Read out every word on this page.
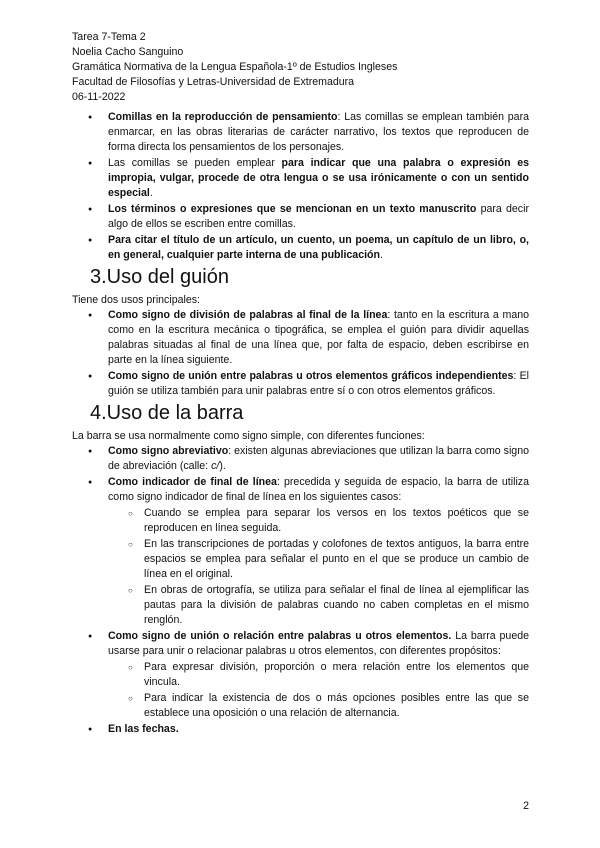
Tarea 7-Tema 2

Noelia Cacho Sanguino

Gramática Normativa de la Lengua Española-1º de Estudios Ingleses

Facultad de Filosofías y Letras-Universidad de Extremadura

06-11-2022

● Comillas en la reproducción de pensamiento: Las comillas se emplean también para enmarcar, en las obras literarias de carácter narrativo, los textos que reproducen de forma directa los pensamientos de los personajes.
● Las comillas se pueden emplear para indicar que una palabra o expresión es impropia, vulgar, procede de otra lengua o se usa irónicamente o con un sentido especial.
● Los términos o expresiones que se mencionan en un texto manuscrito para decir algo de ellos se escriben entre comillas.
● Para citar el título de un artículo, un cuento, un poema, un capítulo de un libro, o, en general, cualquier parte interna de una publicación.
3.Uso del guión

Tiene dos usos principales:

● Como signo de división de palabras al final de la línea: tanto en la escritura a mano como en la escritura mecánica o tipográfica, se emplea el guión para dividir aquellas palabras situadas al final de una línea que, por falta de espacio, deben escribirse en parte en la línea siguiente.
● Como signo de unión entre palabras u otros elementos gráficos independientes: El guión se utiliza también para unir palabras entre sí o con otros elementos gráficos.
4.Uso de la barra

La barra se usa normalmente como signo simple, con diferentes funciones:

● Como signo abreviativo: existen algunas abreviaciones que utilizan la barra como signo de abreviación (calle: c/).
● Como indicador de final de línea: precedida y seguida de espacio, la barra de utiliza como signo indicador de final de línea en los siguientes casos:
○ Cuando se emplea para separar los versos en los textos poéticos que se reproducen en línea seguida.
○ En las transcripciones de portadas y colofones de textos antiguos, la barra entre espacios se emplea para señalar el punto en el que se produce un cambio de línea en el original.
○ En obras de ortografía, se utiliza para señalar el final de línea al ejemplificar las pautas para la división de palabras cuando no caben completas en el mismo renglón.
● Como signo de unión o relación entre palabras u otros elementos. La barra puede usarse para unir o relacionar palabras u otros elementos, con diferentes propósitos:
○ Para expresar división, proporción o mera relación entre los elementos que vincula.
○ Para indicar la existencia de dos o más opciones posibles entre las que se establece una oposición o una relación de alternancia.
● En las fechas.
2
